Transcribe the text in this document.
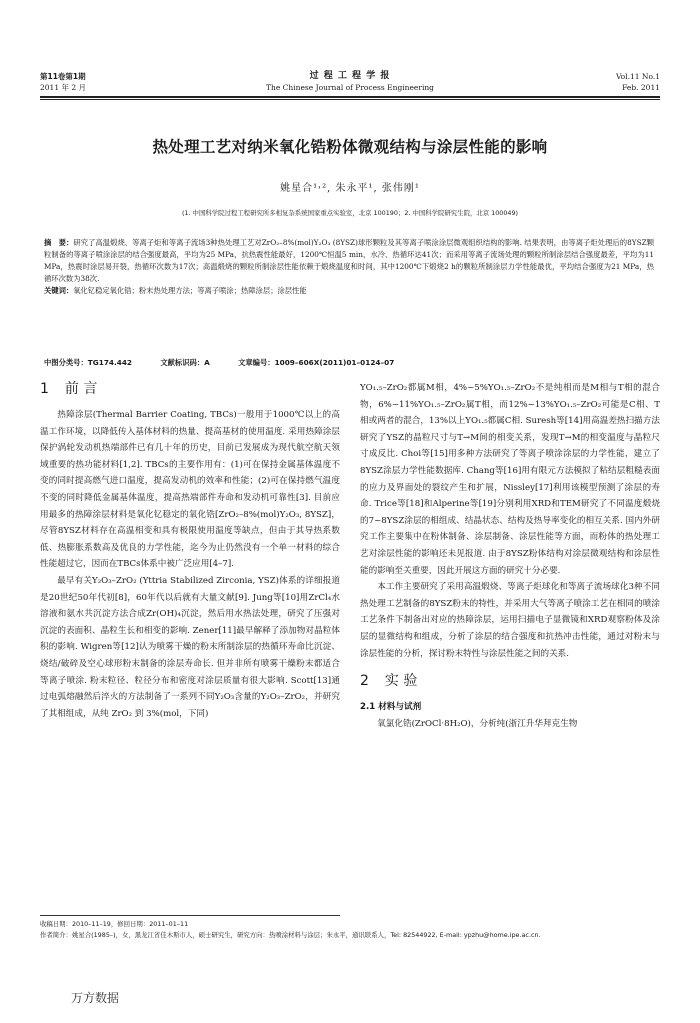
第11卷第1期
2011 年 2 月
过 程 工 程 学 报
The Chinese Journal of Process Engineering
Vol.11 No.1
Feb. 2011
热处理工艺对纳米氧化锆粉体微观结构与涂层性能的影响
姚星合¹˒², 朱永平¹, 张伟刚¹
(1. 中国科学院过程工程研究所多相复杂系统国家重点实验室，北京 100190；2. 中国科学院研究生院，北京 100049)
摘　要：研究了高温煅烧、等离子炬和等离子流场3种热处理工艺对ZrO₂–8%(mol)Y₂O₃ (8YSZ)球形颗粒及其等离子喷涂涂层微观组织结构的影响. 结果表明，由等离子炬处理后的8YSZ颗粒制备的等离子喷涂涂层的结合强度最高，平均为25 MPa，抗热震性能最好，1200℃恒温5 min，水冷、热循环达41次；而采用等离子流场处理的颗粒所制涂层结合强度最差，平均为11 MPa，热震时涂层易开裂，热循环次数为17次；高温煅烧的颗粒所制涂层性能依赖于煅烧温度和时间，其中1200℃下煅烧2 h的颗粒所制涂层力学性能最优，平均结合强度为21 MPa，热循环次数为38次.
关键词：氧化钇稳定氧化锆；粉末热处理方法；等离子喷涂；热障涂层；涂层性能
中图分类号：TG174.442	文献标识码：A	文章编号：1009–606X(2011)01–0124–07
1 前 言

热障涂层(Thermal Barrier Coating, TBCs)一般用于1000℃以上的高温工作环境，以降低传入基体材料的热量、提高基材的使用温度. 采用热障涂层保护涡轮发动机热端部件已有几十年的历史，目前已发展成为现代航空航天领域重要的热功能材料[1,2]. TBCs的主要作用有：(1)可在保持金属基体温度不变的同时提高燃气进口温度，提高发动机的效率和性能；(2)可在保持燃气温度不变的同时降低金属基体温度，提高热端部件寿命和发动机可靠性[3]. 目前应用最多的热障涂层材料是氧化钇稳定的氧化锆[ZrO₂–8%(mol)Y₂O₃, 8YSZ]，尽管8YSZ材料存在高温相变和具有极限使用温度等缺点，但由于其导热系数低、热膨胀系数高及优良的力学性能，迄今为止仍然没有一个单一材料的综合性能超过它，因而在TBCs体系中被广泛应用[4–7].

最早有关Y₂O₃–ZrO₂ (Yttria Stabilized Zirconia, YSZ)体系的详细报道是20世纪50年代初[8]，60年代以后就有大量文献[9]. Jung等[10]用ZrCl₄水溶液和氨水共沉淀方法合成Zr(OH)₄沉淀，然后用水热法处理，研究了压强对沉淀的表面积、晶粒生长和相变的影响. Zener[11]最早解释了添加物对晶粒体积的影响. Wigren等[12]认为喷雾干燥的粉末所制涂层的热循环寿命比沉淀、烧结/破碎及空心球形粉末制备的涂层寿命长. 但并非所有喷雾干燥粉末都适合等离子喷涂. 粉末粒径、粒径分布和密度对涂层质量有很大影响. Scott[13]通过电弧熔融然后淬火的方法制备了一系列不同Y₂O₃含量的Y₂O₃–ZrO₂，并研究了其相组成，从纯 ZrO₂ 到 3%(mol，下同)

YO₁.₅–ZrO₂都属M相，4%~5%YO₁.₅–ZrO₂不是纯相而是M相与T相的混合物，6%~11%YO₁.₅–ZrO₂属T相，而12%~13%YO₁.₅–ZrO₂可能是C相、T相或两者的混合，13%以上YO₁.₅都属C相. Suresh等[14]用高温差热扫描方法研究了YSZ的晶粒尺寸与T→M间的相变关系，发现T→M的相变温度与晶粒尺寸成反比. Choi等[15]用多种方法研究了等离子喷涂涂层的力学性能，建立了8YSZ涂层力学性能数据库. Chang等[16]用有限元方法模拟了粘结层粗糙表面的应力及界面处的裂纹产生和扩展，Nissley[17]利用该模型预测了涂层的寿命. Trice等[18]和Alperine等[19]分别利用XRD和TEM研究了不同温度煅烧的7~8YSZ涂层的相组成、结晶状态、结构及热导率变化的相互关系. 国内外研究工作主要集中在粉体制备、涂层制备、涂层性能等方面，而粉体的热处理工艺对涂层性能的影响还未见报道. 由于8YSZ粉体结构对涂层微观结构和涂层性能的影响至关重要，因此开展这方面的研究十分必要.

本工作主要研究了采用高温煅烧、等离子炬球化和等离子流场球化3种不同热处理工艺制备的8YSZ粉末的特性，并采用大气等离子喷涂工艺在相同的喷涂工艺条件下制备出对应的热障涂层，运用扫描电子显微镜和XRD观察粉体及涂层的显微结构和组成，分析了涂层的结合强度和抗热冲击性能，通过对粉末与涂层性能的分析，探讨粉末特性与涂层性能之间的关系.

2 实 验
2.1 材料与试剂

氧氯化锆(ZrOCl·8H₂O)，分析纯(浙江升华拜克生物

收稿日期：2010–11–19，修回日期：2011–01–11
作者简介：姚星合(1985–)，女，黑龙江省佳木斯市人，硕士研究生，研究方向：热喷涂材料与涂层；朱永平，通讯联系人，Tel: 82544922, E-mail: ypzhu@home.ipe.ac.cn.
万方数据
